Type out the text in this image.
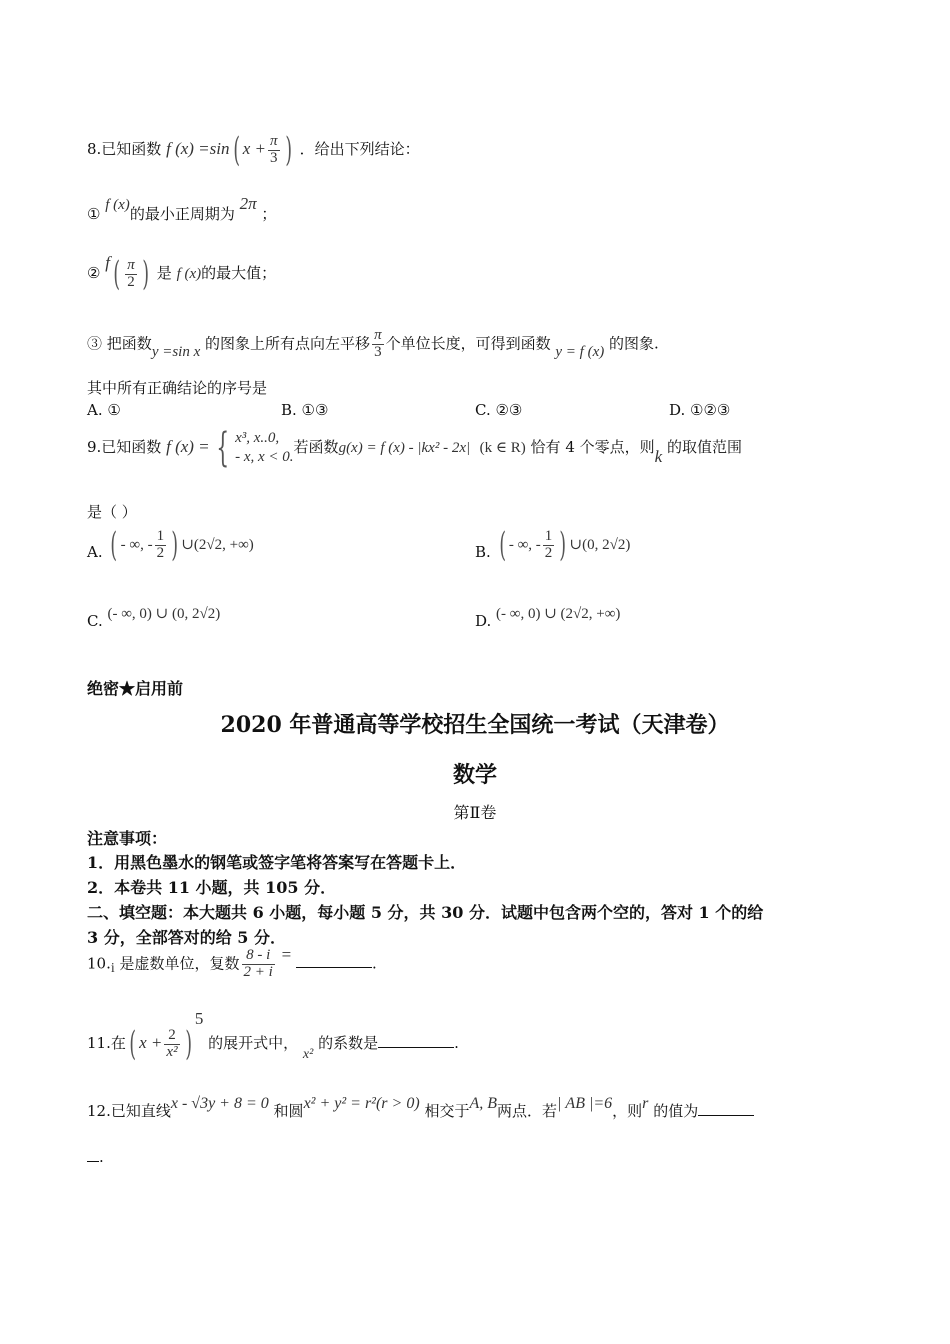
8.已知函数 f (x) =sin( $x + \frac{\pi}{3}$ ) ．给出下列结论：
① f (x)的最小正周期为 2π ；
② $f( \frac{\pi}{2}$ ) 是 f (x)的最大值；
③ 把函数y =sin x 的图象上所有点向左平移 $\frac{\pi}{3}$ 个单位长度，可得到函数 y = f (x) 的图象.
其中所有正确结论的序号是
A. ①	B. ①③	C. ②③	D. ①②③
9.已知函数 f (x) = { x³, x..0,
- x, x < 0.
若函数g(x) = f (x) - |kx² - 2x| (k ∈ R) 恰有 4 个零点，则k 的取值范围
是（ ）
A. ( - ∞, - $\frac{1}{2}$ ) ∪(2√2, +∞)	B. ( - ∞, - $\frac{1}{2}$ ) ∪(0, 2√2)
C. (- ∞, 0) ∪ (0, 2√2)	D. (- ∞, 0) ∪ (2√2, +∞)
绝密★启用前
2020 年普通高等学校招生全国统一考试（天津卷）
数学
第Ⅱ卷
注意事项：
1．用黑色墨水的钢笔或签字笔将答案写在答题卡上．
2．本卷共 11 小题，共 105 分．
二、填空题：本大题共 6 小题，每小题 5 分，共 30 分．试题中包含两个空的，答对 1 个的给
3 分，全部答对的给 5 分．
10.i 是虚数单位，复数 $\frac{8 - i}{2 + i}$ =	.
11.在( $x + \frac{2}{\text{x²}} )^5$ 的展开式中， x² 的系数是	.
12.已知直线x - √3y + 8 = 0 和圆x² + y² = r²(r > 0) 相交于A, B两点．若| AB |=6，则r 的值为
.
